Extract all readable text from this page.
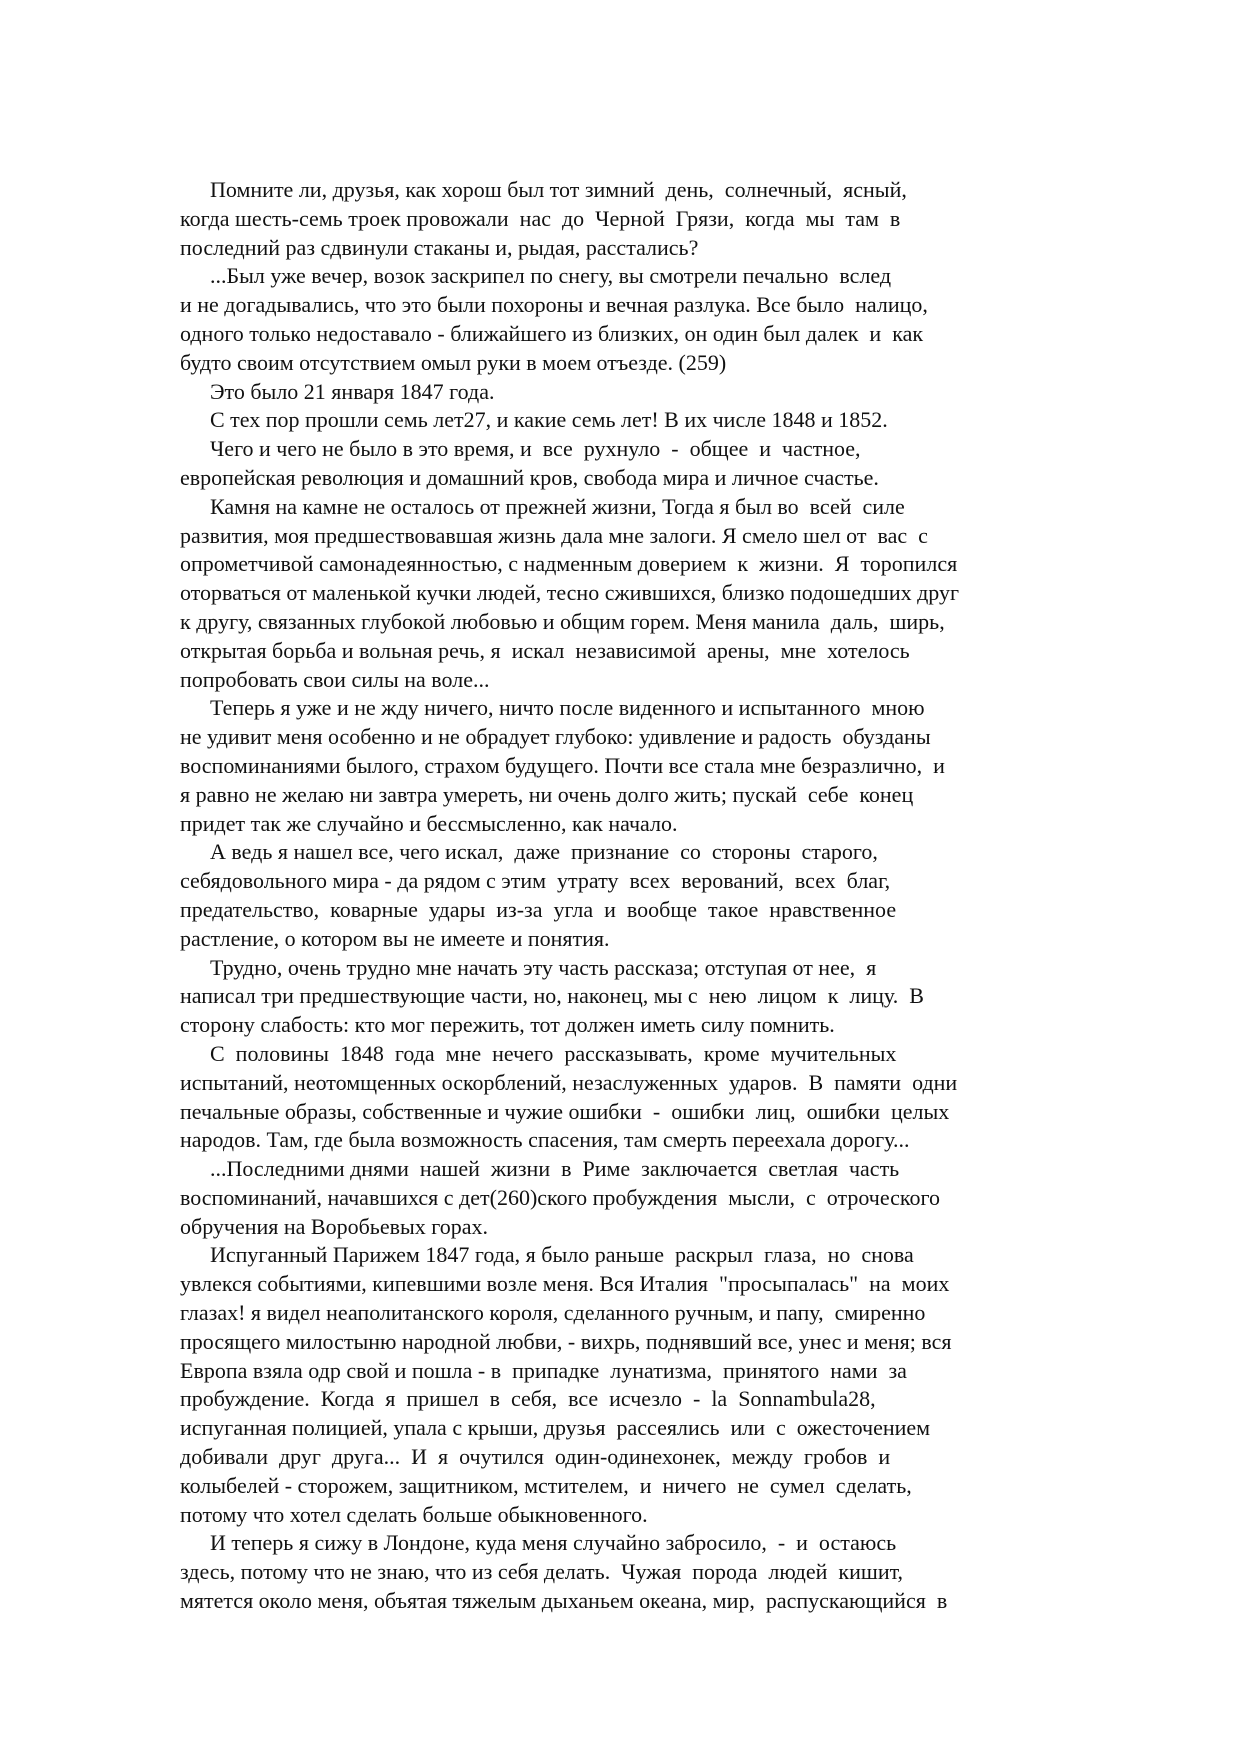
Помните ли, друзья, как хорош был тот зимний  день,  солнечный,  ясный,
когда шесть-семь троек провожали  нас  до  Черной  Грязи,  когда  мы  там  в
последний раз сдвинули стаканы и, рыдая, расстались?
...Был уже вечер, возок заскрипел по снегу, вы смотрели печально  вслед
и не догадывались, что это были похороны и вечная разлука. Все было  налицо,
одного только недоставало - ближайшего из близких, он один был далек  и  как
будто своим отсутствием омыл руки в моем отъезде. (259)
Это было 21 января 1847 года.
С тех пор прошли семь лет27, и какие семь лет! В их числе 1848 и 1852.
Чего и чего не было в это время, и  все  рухнуло  -  общее  и  частное,
европейская революция и домашний кров, свобода мира и личное счастье.
Камня на камне не осталось от прежней жизни, Тогда я был во  всей  силе
развития, моя предшествовавшая жизнь дала мне залоги. Я смело шел от  вас  с
опрометчивой самонадеянностью, с надменным доверием  к  жизни.  Я  торопился
оторваться от маленькой кучки людей, тесно сжившихся, близко подошедших друг
к другу, связанных глубокой любовью и общим горем. Меня манила  даль,  ширь,
открытая борьба и вольная речь, я  искал  независимой  арены,  мне  хотелось
попробовать свои силы на воле...
Теперь я уже и не жду ничего, ничто после виденного и испытанного  мною
не удивит меня особенно и не обрадует глубоко: удивление и радость  обузданы
воспоминаниями былого, страхом будущего. Почти все стала мне безразлично,  и
я равно не желаю ни завтра умереть, ни очень долго жить; пускай  себе  конец
придет так же случайно и бессмысленно, как начало.
А ведь я нашел все, чего искал,  даже  признание  со  стороны  старого,
себядовольного мира - да рядом с этим  утрату  всех  верований,  всех  благ,
предательство,  коварные  удары  из-за  угла  и  вообще  такое  нравственное
растление, о котором вы не имеете и понятия.
Трудно, очень трудно мне начать эту часть рассказа; отступая от нее,  я
написал три предшествующие части, но, наконец, мы с  нею  лицом  к  лицу.  В
сторону слабость: кто мог пережить, тот должен иметь силу помнить.
С  половины  1848  года  мне  нечего  рассказывать,  кроме  мучительных
испытаний, неотомщенных оскорблений, незаслуженных  ударов.  В  памяти  одни
печальные образы, собственные и чужие ошибки  -  ошибки  лиц,  ошибки  целых
народов. Там, где была возможность спасения, там смерть переехала дорогу...
...Последними днями  нашей  жизни  в  Риме  заключается  светлая  часть
воспоминаний, начавшихся с дет(260)ского пробуждения  мысли,  с  отроческого
обручения на Воробьевых горах.
Испуганный Парижем 1847 года, я было раньше  раскрыл  глаза,  но  снова
увлекся событиями, кипевшими возле меня. Вся Италия  "просыпалась"  на  моих
глазах! я видел неаполитанского короля, сделанного ручным, и папу,  смиренно
просящего милостыню народной любви, - вихрь, поднявший все, унес и меня; вся
Европа взяла одр свой и пошла - в  припадке  лунатизма,  принятого  нами  за
пробуждение.  Когда  я  пришел  в  себя,  все  исчезло  -  la  Sonnambula28,
испуганная полицией, упала с крыши, друзья  рассеялись  или  с  ожесточением
добивали  друг  друга...  И  я  очутился  один-одинехонек,  между  гробов  и
колыбелей - сторожем, защитником, мстителем,  и  ничего  не  сумел  сделать,
потому что хотел сделать больше обыкновенного.
И теперь я сижу в Лондоне, куда меня случайно забросило,  -  и  остаюсь
здесь, потому что не знаю, что из себя делать.  Чужая  порода  людей  кишит,
мятется около меня, объятая тяжелым дыханьем океана, мир,  распускающийся  в
